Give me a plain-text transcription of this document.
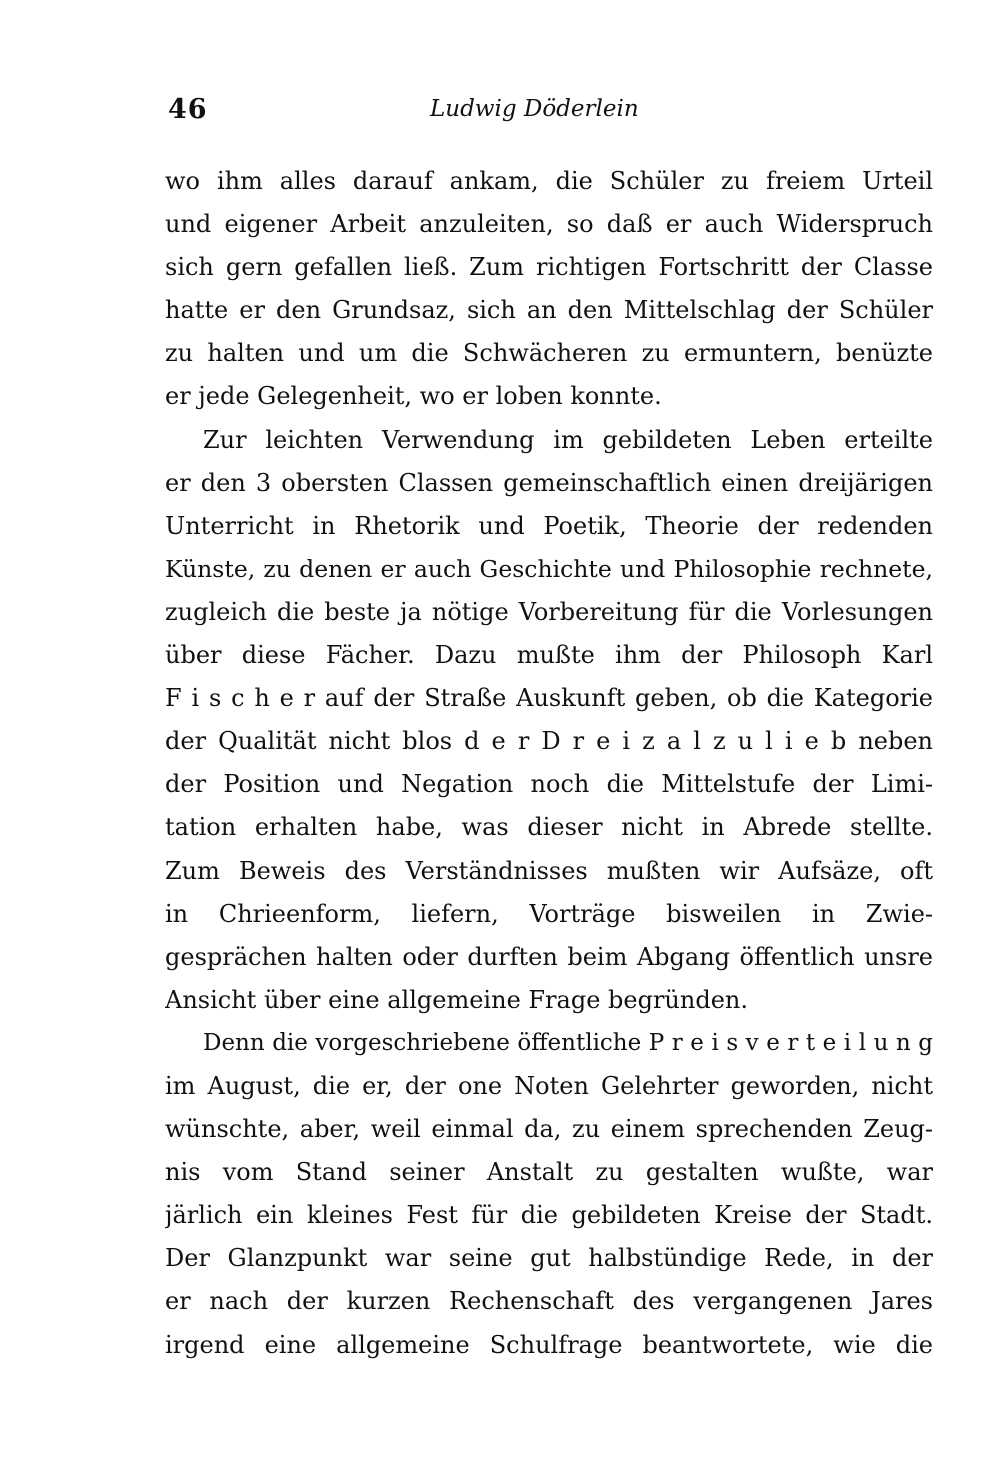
46	Ludwig Döderlein
wo ihm alles darauf ankam, die Schüler zu freiem Urteil
und eigener Arbeit anzuleiten, so daß er auch Widerspruch
sich gern gefallen ließ. Zum richtigen Fortschritt der Classe
hatte er den Grundsaz, sich an den Mittelschlag der Schüler
zu halten und um die Schwächeren zu ermuntern, benüzte
er jede Gelegenheit, wo er loben konnte.
Zur leichten Verwendung im gebildeten Leben erteilte
er den 3 obersten Classen gemeinschaftlich einen dreijärigen
Unterricht in Rhetorik und Poetik, Theorie der redenden
Künste, zu denen er auch Geschichte und Philosophie rechnete,
zugleich die beste ja nötige Vorbereitung für die Vorlesungen
über diese Fächer. Dazu mußte ihm der Philosoph Karl
F i s c h e r auf der Straße Auskunft geben, ob die Kategorie
der Qualität nicht blos d e r D r e i z a l z u l i e b neben
der Position und Negation noch die Mittelstufe der Limi-
tation erhalten habe, was dieser nicht in Abrede stellte.
Zum Beweis des Verständnisses mußten wir Aufsäze, oft
in Chrieenform, liefern, Vorträge bisweilen in Zwie-
gesprächen halten oder durften beim Abgang öffentlich unsre
Ansicht über eine allgemeine Frage begründen.
Denn die vorgeschriebene öffentliche P r e i s v e r t e i l u n g
im August, die er, der one Noten Gelehrter geworden, nicht
wünschte, aber, weil einmal da, zu einem sprechenden Zeug-
nis vom Stand seiner Anstalt zu gestalten wußte, war
järlich ein kleines Fest für die gebildeten Kreise der Stadt.
Der Glanzpunkt war seine gut halbstündige Rede, in der
er nach der kurzen Rechenschaft des vergangenen Jares
irgend eine allgemeine Schulfrage beantwortete, wie die
